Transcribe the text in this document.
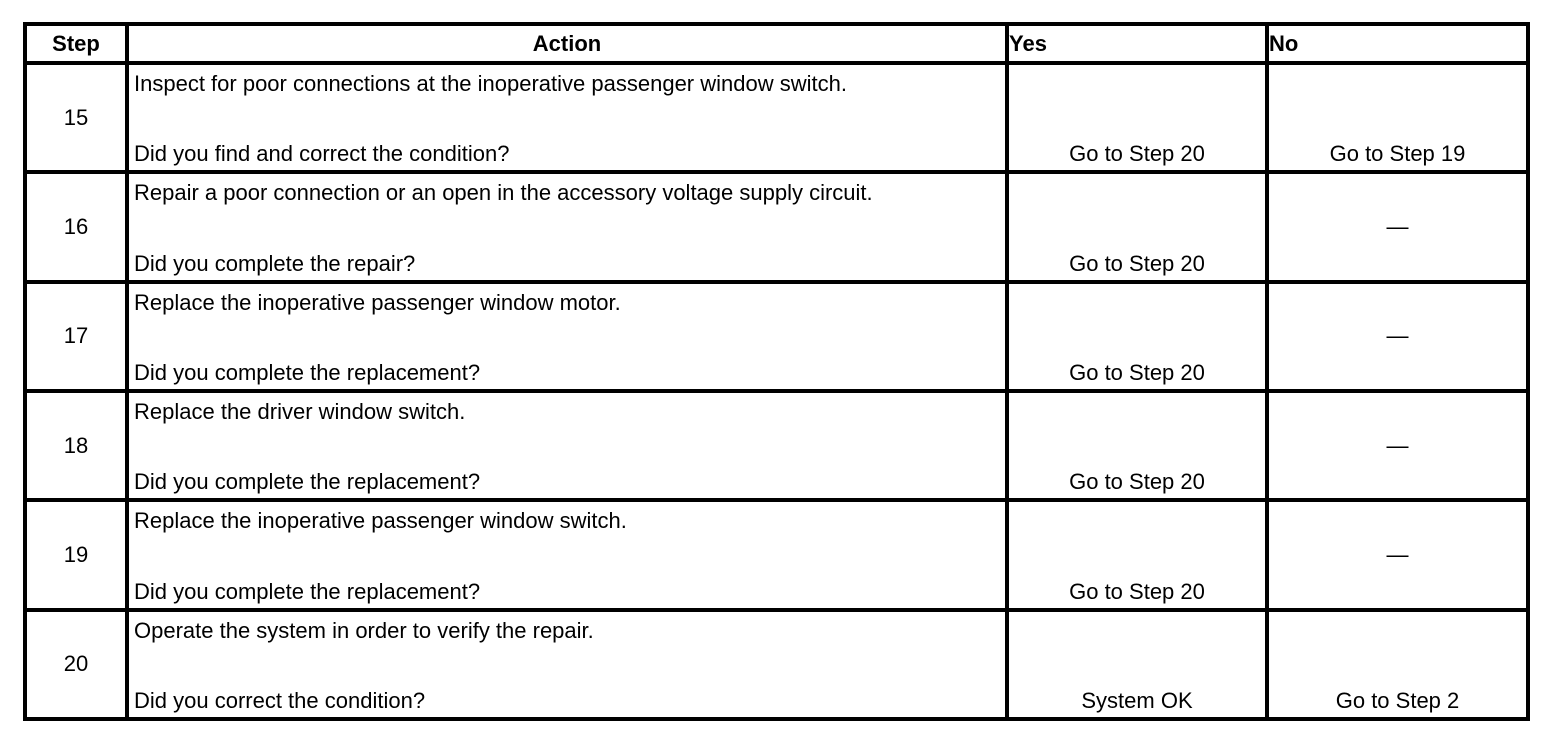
Step	Action	Yes	No
15	Inspect for poor connections at the inoperative passenger window switch.
Did you find and correct the condition?	Go to Step 20	Go to Step 19

16	Repair a poor connection or an open in the accessory voltage supply circuit.
Did you complete the repair?	Go to Step 20	—

17	Replace the inoperative passenger window motor.
Did you complete the replacement?	Go to Step 20	—

18	Replace the driver window switch.
Did you complete the replacement?	Go to Step 20	—

19	Replace the inoperative passenger window switch.
Did you complete the replacement?	Go to Step 20	—

20	Operate the system in order to verify the repair.
Did you correct the condition?	System OK	Go to Step 2
